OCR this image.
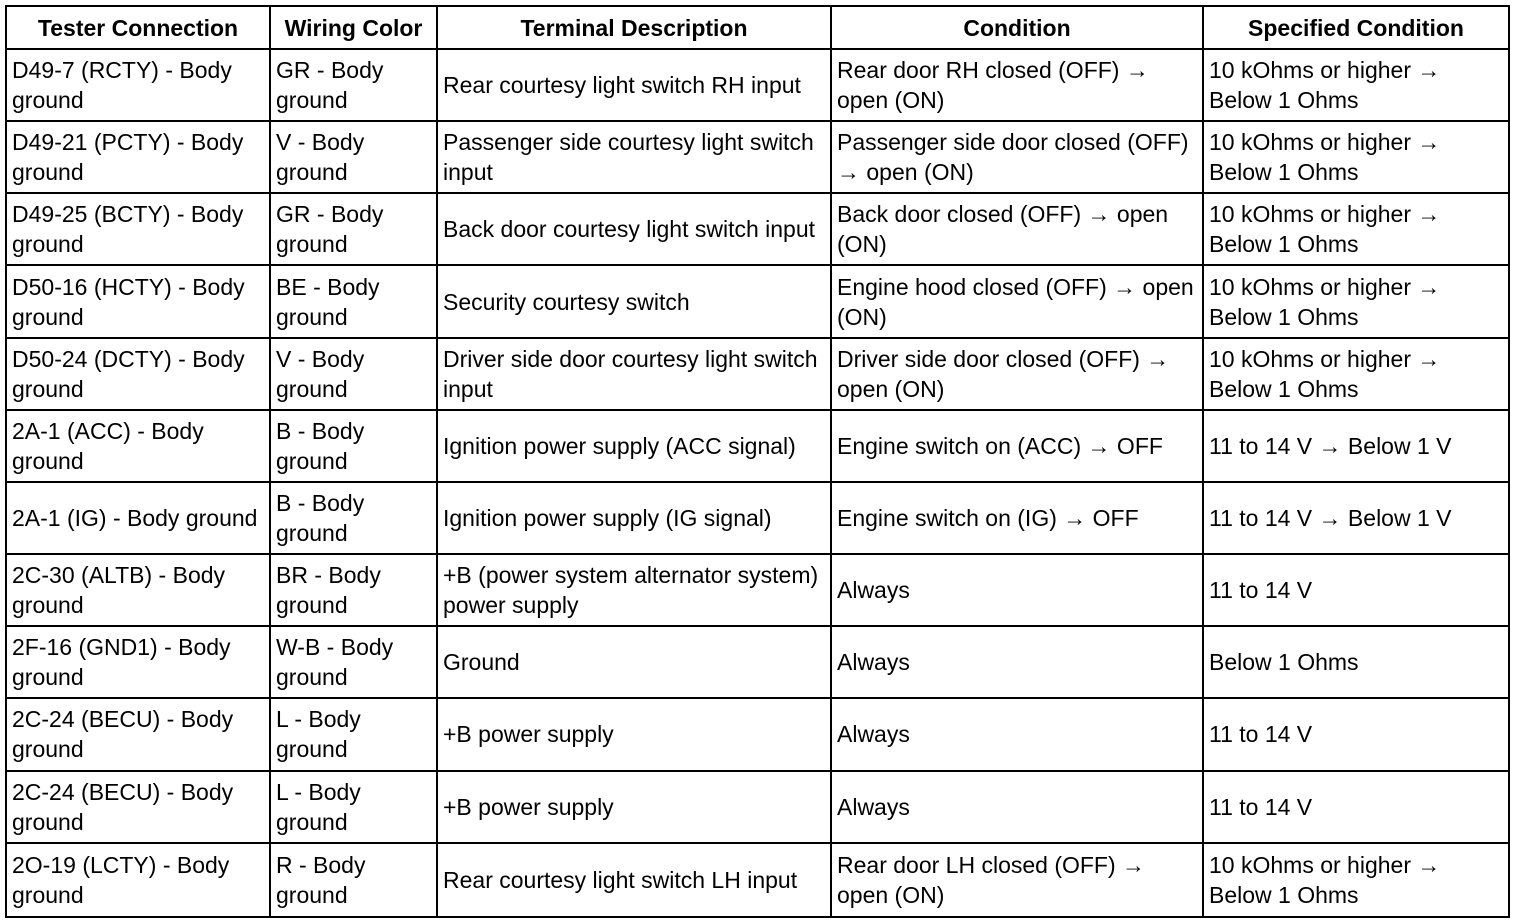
Tester Connection	Wiring Color	Terminal Description	Condition	Specified Condition
D49-7 (RCTY) - Body ground	GR - Body ground	Rear courtesy light switch RH input	Rear door RH closed (OFF) → open (ON)	10 kOhms or higher → Below 1 Ohms
D49-21 (PCTY) - Body ground	V - Body ground	Passenger side courtesy light switch input	Passenger side door closed (OFF) → open (ON)	10 kOhms or higher → Below 1 Ohms
D49-25 (BCTY) - Body ground	GR - Body ground	Back door courtesy light switch input	Back door closed (OFF) → open (ON)	10 kOhms or higher → Below 1 Ohms
D50-16 (HCTY) - Body ground	BE - Body ground	Security courtesy switch	Engine hood closed (OFF) → open (ON)	10 kOhms or higher → Below 1 Ohms
D50-24 (DCTY) - Body ground	V - Body ground	Driver side door courtesy light switch input	Driver side door closed (OFF) → open (ON)	10 kOhms or higher → Below 1 Ohms
2A-1 (ACC) - Body ground	B - Body ground	Ignition power supply (ACC signal)	Engine switch on (ACC) → OFF	11 to 14 V → Below 1 V
2A-1 (IG) - Body ground	B - Body ground	Ignition power supply (IG signal)	Engine switch on (IG) → OFF	11 to 14 V → Below 1 V
2C-30 (ALTB) - Body ground	BR - Body ground	+B (power system alternator system) power supply	Always	11 to 14 V
2F-16 (GND1) - Body ground	W-B - Body ground	Ground	Always	Below 1 Ohms
2C-24 (BECU) - Body ground	L - Body ground	+B power supply	Always	11 to 14 V
2C-24 (BECU) - Body ground	L - Body ground	+B power supply	Always	11 to 14 V
2O-19 (LCTY) - Body ground	R - Body ground	Rear courtesy light switch LH input	Rear door LH closed (OFF) → open (ON)	10 kOhms or higher → Below 1 Ohms
